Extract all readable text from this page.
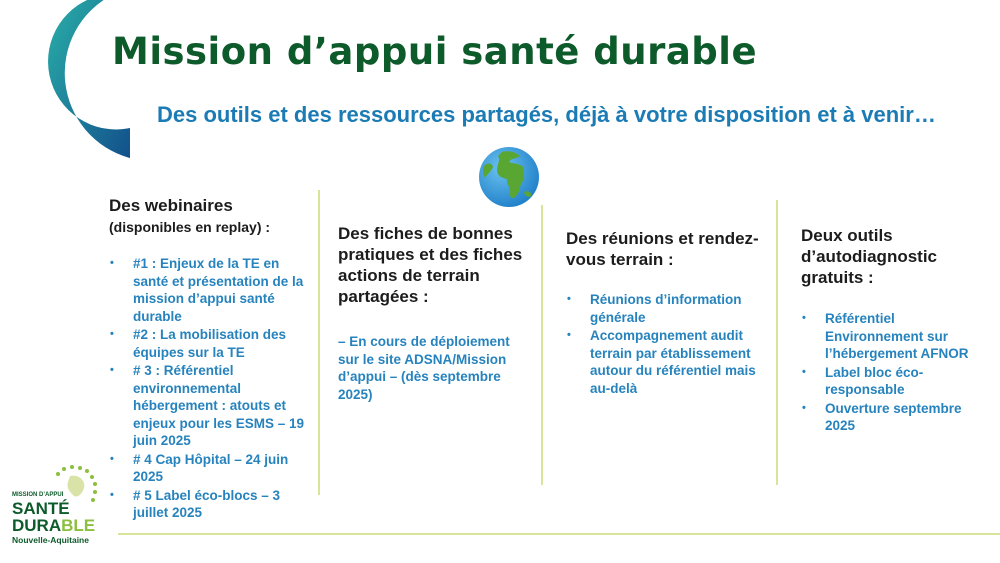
Mission d’appui santé durable
Des outils et des ressources partagés, déjà à votre disposition et à venir…

Des webinaires
(disponibles en replay) :

• #1 : Enjeux de la TE en santé et présentation de la mission d’appui santé durable
• #2 : La mobilisation des équipes sur la TE
• # 3 : Référentiel environnemental hébergement : atouts et enjeux pour les ESMS – 19 juin 2025
• # 4 Cap Hôpital – 24 juin 2025
• # 5 Label éco-blocs – 3 juillet 2025

Des fiches de bonnes pratiques et des fiches actions de terrain partagées :

– En cours de déploiement sur le site ADSNA/Mission d’appui – (dès septembre 2025)

Des réunions et rendez-vous terrain :

• Réunions d’information générale
• Accompagnement audit terrain par établissement autour du référentiel mais au-delà

Deux outils d’autodiagnostic gratuits :

• Référentiel Environnement sur l’hébergement AFNOR
• Label bloc éco-responsable
• Ouverture septembre 2025
MISSION D’APPUI
SANTÉ
DURABLE
Nouvelle-Aquitaine
